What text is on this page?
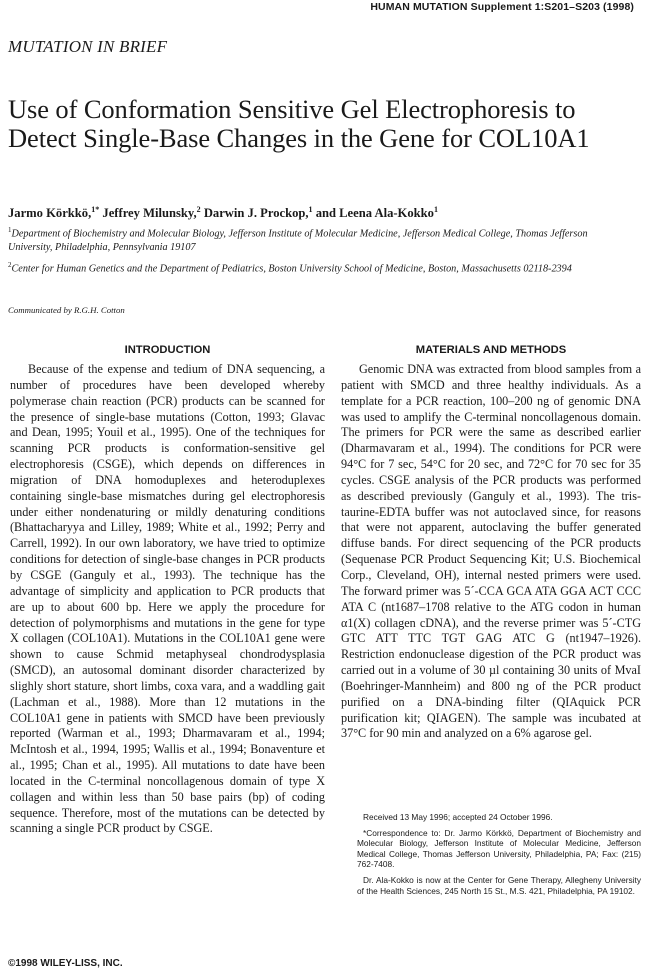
HUMAN MUTATION Supplement 1:S201–S203 (1998)
MUTATION IN BRIEF
Use of Conformation Sensitive Gel Electrophoresis to Detect Single-Base Changes in the Gene for COL10A1
Jarmo Körkkö,$^{1*}$ Jeffrey Milunsky,$^2$ Darwin J. Prockop,$^1$ and Leena Ala-Kokko$^1$
$^1$Department of Biochemistry and Molecular Biology, Jefferson Institute of Molecular Medicine, Jefferson Medical College, Thomas Jefferson University, Philadelphia, Pennsylvania 19107
$^2$Center for Human Genetics and the Department of Pediatrics, Boston University School of Medicine, Boston, Massachusetts 02118-2394
Communicated by R.G.H. Cotton
INTRODUCTION

Because of the expense and tedium of DNA sequencing, a number of procedures have been developed whereby polymerase chain reaction (PCR) products can be scanned for the presence of single-base mutations (Cotton, 1993; Glavac and Dean, 1995; Youil et al., 1995). One of the techniques for scanning PCR products is conformation-sensitive gel electrophoresis (CSGE), which depends on differences in migration of DNA homoduplexes and heteroduplexes containing single-base mismatches during gel electrophoresis under either nondenaturing or mildly denaturing conditions (Bhattacharyya and Lilley, 1989; White et al., 1992; Perry and Carrell, 1992). In our own laboratory, we have tried to optimize conditions for detection of single-base changes in PCR products by CSGE (Ganguly et al., 1993). The technique has the advantage of simplicity and application to PCR products that are up to about 600 bp. Here we apply the procedure for detection of polymorphisms and mutations in the gene for type X collagen (COL10A1). Mutations in the COL10A1 gene were shown to cause Schmid metaphyseal chondrodysplasia (SMCD), an autosomal dominant disorder characterized by slighly short stature, short limbs, coxa vara, and a waddling gait (Lachman et al., 1988). More than 12 mutations in the COL10A1 gene in patients with SMCD have been previously reported (Warman et al., 1993; Dharmavaram et al., 1994; McIntosh et al., 1994, 1995; Wallis et al., 1994; Bonaventure et al., 1995; Chan et al., 1995). All mutations to date have been located in the C-terminal noncollagenous domain of type X collagen and within less than 50 base pairs (bp) of coding sequence. Therefore, most of the mutations can be detected by scanning a single PCR product by CSGE.

MATERIALS AND METHODS

Genomic DNA was extracted from blood samples from a patient with SMCD and three healthy individuals. As a template for a PCR reaction, 100–200 ng of genomic DNA was used to amplify the C-terminal noncollagenous domain. The primers for PCR were the same as described earlier (Dharmavaram et al., 1994). The conditions for PCR were 94°C for 7 sec, 54°C for 20 sec, and 72°C for 70 sec for 35 cycles. CSGE analysis of the PCR products was performed as described previously (Ganguly et al., 1993). The tris-taurine-EDTA buffer was not autoclaved since, for reasons that were not apparent, autoclaving the buffer generated diffuse bands. For direct sequencing of the PCR products (Sequenase PCR Product Sequencing Kit; U.S. Biochemical Corp., Cleveland, OH), internal nested primers were used. The forward primer was 5´-CCA GCA ATA GGA ACT CCC ATA C (nt1687–1708 relative to the ATG codon in human α1(X) collagen cDNA), and the reverse primer was 5´-CTG GTC ATT TTC TGT GAG ATC G (nt1947–1926). Restriction endonuclease digestion of the PCR product was carried out in a volume of 30 µl containing 30 units of MvaI (Boehringer-Mannheim) and 800 ng of the PCR product purified on a DNA-binding filter (QIAquick PCR purification kit; QIAGEN). The sample was incubated at 37°C for 90 min and analyzed on a 6% agarose gel.

Received 13 May 1996; accepted 24 October 1996.

*Correspondence to: Dr. Jarmo Körkkö, Department of Biochemistry and Molecular Biology, Jefferson Institute of Molecular Medicine, Jefferson Medical College, Thomas Jefferson University, Philadelphia, PA; Fax: (215) 762-7408.

Dr. Ala-Kokko is now at the Center for Gene Therapy, Allegheny University of the Health Sciences, 245 North 15 St., M.S. 421, Philadelphia, PA 19102.

©1998 WILEY-LISS, INC.
